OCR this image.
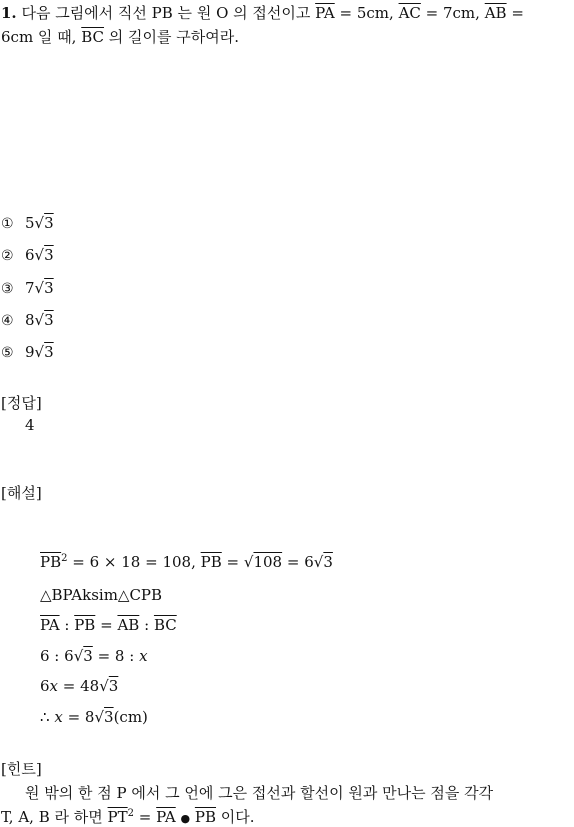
1. 다음 그림에서 직선 PB 는 원 O 의 접선이고 $\overline{PA} = 5cm$, $\overline{AC} = 7cm$, $\overline{AB}$ =
6cm 일 때, $\overline{BC}$ 의 길이를 구하여라.
① 5√3
② 6√3
③ 7√3
④ 8√3
⑤ 9√3
[정답]
4
[해설]
$\overline{PB}^2 = 6 \times 18 = 108$, $\overline{PB} = √108 = 6√3$
△BPAksim△CPB
$\overline{PA}$ : $\overline{PB} = \overline{AB}$ : $\overline{BC}$
6 : 6√3 = 8 : x
6x = 48√3
∴ x = 8√3(cm)
[힌트]
원 밖의 한 점 P 에서 그 언에 그은 접선과 할선이 원과 만나는 점을 각각
T, A, B 라 하면 $\overline{PT}^2 = \overline{PA}$ ● $\overline{PB}$ 이다.
